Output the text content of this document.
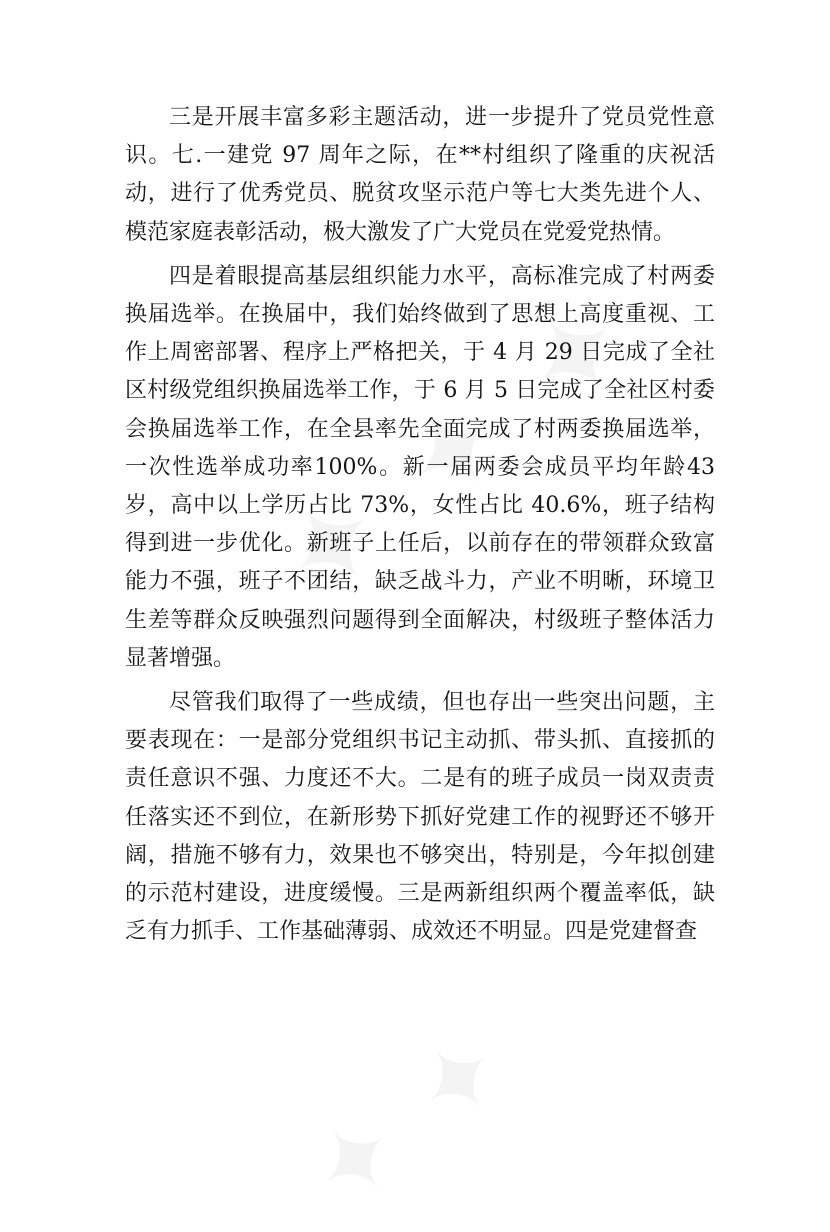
三是开展丰富多彩主题活动，进一步提升了党员党性意识。七.一建党 97 周年之际，在**村组织了隆重的庆祝活动，进行了优秀党员、脱贫攻坚示范户等七大类先进个人、模范家庭表彰活动，极大激发了广大党员在党爱党热情。

四是着眼提高基层组织能力水平，高标准完成了村两委换届选举。在换届中，我们始终做到了思想上高度重视、工作上周密部署、程序上严格把关，于 4 月 29 日完成了全社区村级党组织换届选举工作，于 6 月 5 日完成了全社区村委会换届选举工作，在全县率先全面完成了村两委换届选举，一次性选举成功率100%。新一届两委会成员平均年龄43岁，高中以上学历占比 73%，女性占比 40.6%，班子结构得到进一步优化。新班子上任后，以前存在的带领群众致富能力不强，班子不团结，缺乏战斗力，产业不明晰，环境卫生差等群众反映强烈问题得到全面解决，村级班子整体活力显著增强。

尽管我们取得了一些成绩，但也存出一些突出问题，主要表现在：一是部分党组织书记主动抓、带头抓、直接抓的责任意识不强、力度还不大。二是有的班子成员一岗双责责任落实还不到位，在新形势下抓好党建工作的视野还不够开阔，措施不够有力，效果也不够突出，特别是，今年拟创建的示范村建设，进度缓慢。三是两新组织两个覆盖率低，缺乏有力抓手、工作基础薄弱、成效还不明显。四是党建督查
